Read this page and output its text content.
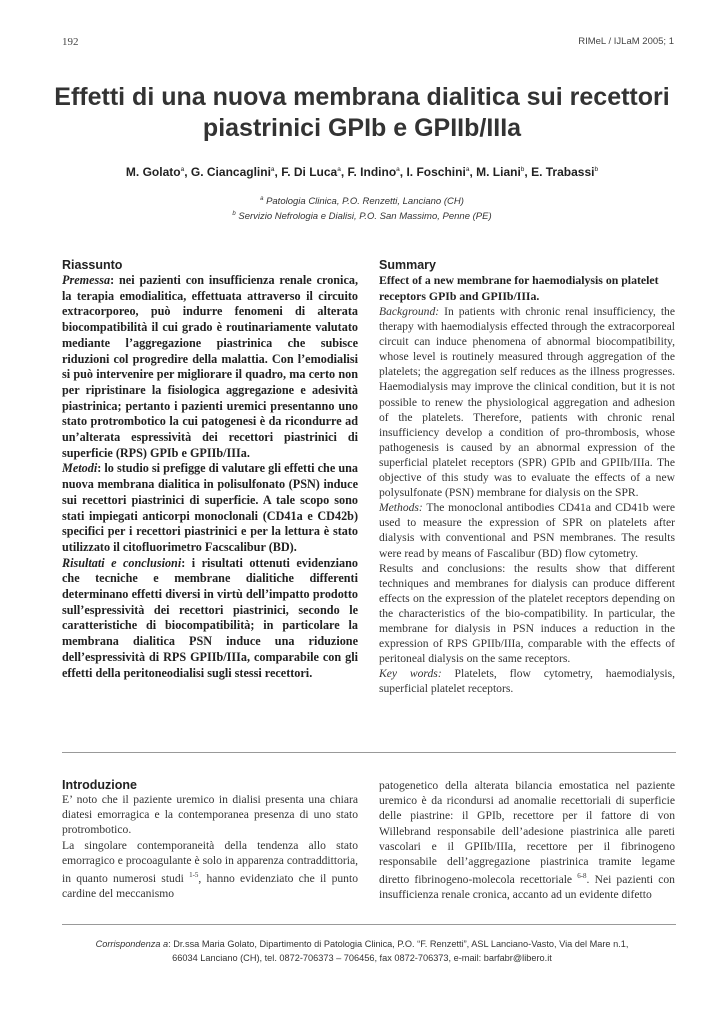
192	RIMeL / IJLaM 2005; 1
Effetti di una nuova membrana dialitica sui recettori piastrinici GPIb e GPIIb/IIIa
M. Golato$^a$, G. Ciancaglini$^a$, F. Di Luca$^a$, F. Indino$^a$, I. Foschini$^a$, M. Liani$^b$, E. Trabassi$^b$
$^a$ Patologia Clinica, P.O. Renzetti, Lanciano (CH)
$^b$ Servizio Nefrologia e Dialisi, P.O. San Massimo, Penne (PE)
Riassunto
Premessa: nei pazienti con insufficienza renale cronica, la terapia emodialitica, effettuata attraverso il circuito extracorporeo, può indurre fenomeni di alterata biocompatibilità il cui grado è routinariamente valutato mediante l’aggregazione piastrinica che subisce riduzioni col progredire della malattia. Con l’emodialisi si può intervenire per migliorare il quadro, ma certo non per ripristinare la fisiologica aggregazione e adesività piastrinica; pertanto i pazienti uremici presentanno uno stato protrombotico la cui patogenesi è da ricondurre ad un’alterata espressività dei recettori piastrinici di superficie (RPS) GPIb e GPIIb/IIIa.
Metodi: lo studio si prefigge di valutare gli effetti che una nuova membrana dialitica in polisulfonato (PSN) induce sui recettori piastrinici di superficie. A tale scopo sono stati impiegati anticorpi monoclonali (CD41a e CD42b) specifici per i recettori piastrinici e per la lettura è stato utilizzato il citofluorimetro Facscalibur (BD).
Risultati e conclusioni: i risultati ottenuti evidenziano che tecniche e membrane dialitiche differenti determinano effetti diversi in virtù dell’impatto prodotto sull’espressività dei recettori piastrinici, secondo le caratteristiche di biocompatibilità; in particolare la membrana dialitica PSN induce una riduzione dell’espressività di RPS GPIIb/IIIa, comparabile con gli effetti della peritoneodialisi sugli stessi recettori.
Summary
Effect of a new membrane for haemodialysis on platelet receptors GPIb and GPIIb/IIIa.
Background: In patients with chronic renal insufficiency, the therapy with haemodialysis effected through the extracorporeal circuit can induce phenomena of abnormal biocompatibility, whose level is routinely measured through aggregation of the platelets; the aggregation self reduces as the illness progresses. Haemodialysis may improve the clinical condition, but it is not possible to renew the physiological aggregation and adhesion of the platelets. Therefore, patients with chronic renal insufficiency develop a condition of pro-thrombosis, whose pathogenesis is caused by an abnormal expression of the superficial platelet receptors (SPR) GPIb and GPIIb/IIIa. The objective of this study was to evaluate the effects of a new polysulfonate (PSN) membrane for dialysis on the SPR.
Methods: The monoclonal antibodies CD41a and CD41b were used to measure the expression of SPR on platelets after dialysis with conventional and PSN membranes. The results were read by means of Fascalibur (BD) flow cytometry.
Results and conclusions: the results show that different techniques and membranes for dialysis can produce different effects on the expression of the platelet receptors depending on the characteristics of the bio-compatibility. In particular, the membrane for dialysis in PSN induces a reduction in the expression of RPS GPIIb/IIIa, comparable with the effects of peritoneal dialysis on the same receptors.
Key words: Platelets, flow cytometry, haemodialysis, superficial platelet receptors.
Introduzione
E’ noto che il paziente uremico in dialisi presenta una chiara diatesi emorragica e la contemporanea presenza di uno stato protrombotico.
La singolare contemporaneità della tendenza allo stato emorragico e procoagulante è solo in apparenza contraddittoria, in quanto numerosi studi $^{1-5}$, hanno evidenziato che il punto cardine del meccanismo
patogenetico della alterata bilancia emostatica nel paziente uremico è da ricondursi ad anomalie recettoriali di superficie delle piastrine: il GPIb, recettore per il fattore di von Willebrand responsabile dell’adesione piastrinica alle pareti vascolari e il GPIIb/IIIa, recettore per il fibrinogeno responsabile dell’aggregazione piastrinica tramite legame diretto fibrinogeno-molecola recettoriale $^{6-8}$. Nei pazienti con insufficienza renale cronica, accanto ad un evidente difetto
Corrispondenza a: Dr.ssa Maria Golato, Dipartimento di Patologia Clinica, P.O. “F. Renzetti”, ASL Lanciano-Vasto, Via del Mare n.1,
66034 Lanciano (CH), tel. 0872-706373 – 706456, fax 0872-706373, e-mail: barfabr@libero.it
